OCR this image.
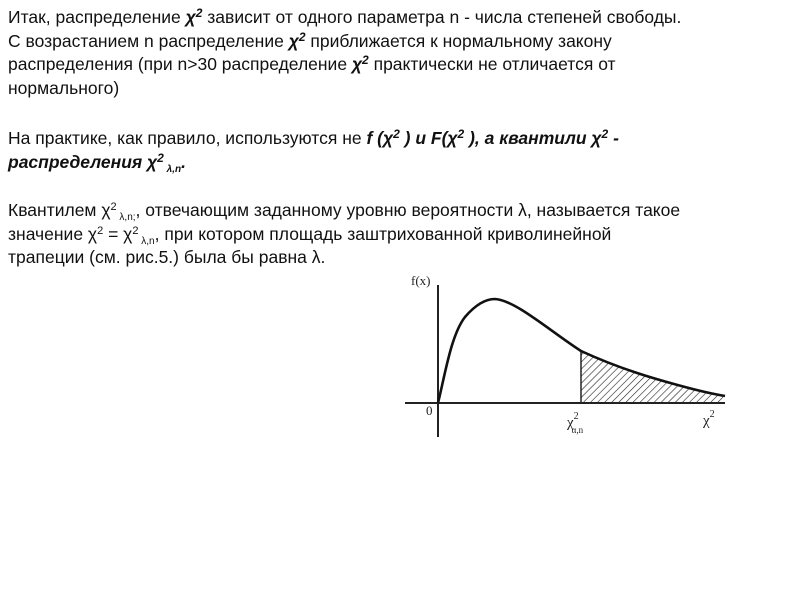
Итак, распределение $\chi^2$ зависит от одного параметра n - числа степеней свободы.
С возрастанием n распределение $\chi^2$ приближается к нормальному закону
распределения (при n>30 распределение $\chi^2$ практически не отличается от
нормального)
На практике, как правило, используются не f ($\chi^2$ ) и $F(\chi^2$ ), а квантили $\chi^2$ -
распределения $\chi^2$ $_{\lambda,n}$.
Квантилем $\chi^2$ $_{\lambda,n;}$, отвечающим заданному уровню вероятности λ, называется такое
значение $\chi^2 = \chi^2$ $_{\lambda,n}$, при котором площадь заштрихованной криволинейной
трапеции (см. рис.5.) была бы равна λ.
f(x)
0
$\chi^2$ α,n
$\chi^2$
